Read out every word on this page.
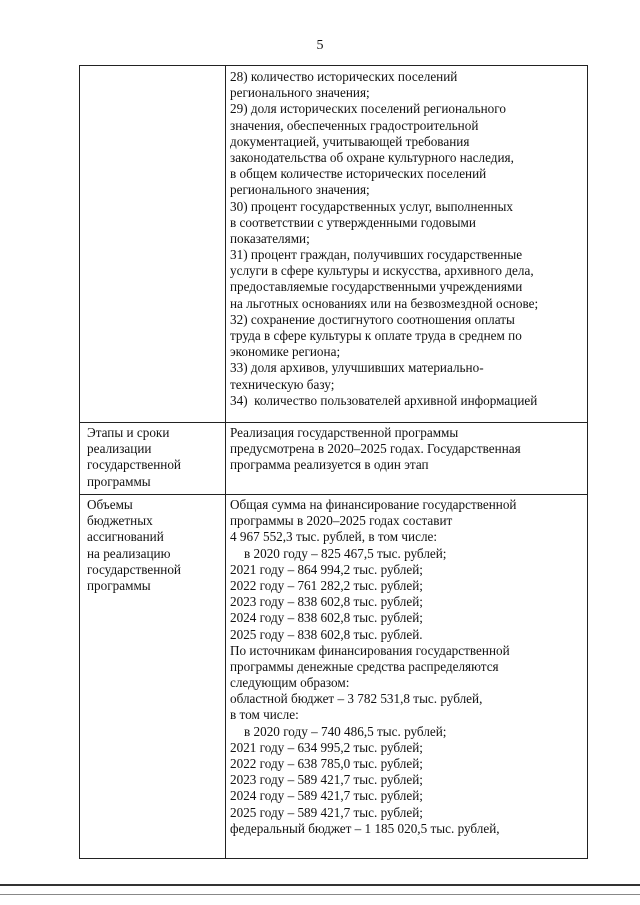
5
28) количество исторических поселений
регионального значения;
29) доля исторических поселений регионального
значения, обеспеченных градостроительной
документацией, учитывающей требования
законодательства об охране культурного наследия,
в общем количестве исторических поселений
регионального значения;
30) процент государственных услуг, выполненных
в соответствии с утвержденными годовыми
показателями;
31) процент граждан, получивших государственные
услуги в сфере культуры и искусства, архивного дела,
предоставляемые государственными учреждениями
на льготных основаниях или на безвозмездной основе;
32) сохранение достигнутого соотношения оплаты
труда в сфере культуры к оплате труда в среднем по
экономике региона;
33) доля архивов, улучшивших материально-
техническую базу;
34)  количество пользователей архивной информацией
Этапы и сроки
реализации
государственной
программы
Реализация государственной программы
предусмотрена в 2020–2025 годах. Государственная
программа реализуется в один этап
Объемы
бюджетных
ассигнований
на реализацию
государственной
программы
Общая сумма на финансирование государственной
программы в 2020–2025 годах составит
4 967 552,3 тыс. рублей, в том числе:
в 2020 году – 825 467,5 тыс. рублей;
2021 году – 864 994,2 тыс. рублей;
2022 году – 761 282,2 тыс. рублей;
2023 году – 838 602,8 тыс. рублей;
2024 году – 838 602,8 тыс. рублей;
2025 году – 838 602,8 тыс. рублей.
По источникам финансирования государственной
программы денежные средства распределяются
следующим образом:
областной бюджет – 3 782 531,8 тыс. рублей,
в том числе:
в 2020 году – 740 486,5 тыс. рублей;
2021 году – 634 995,2 тыс. рублей;
2022 году – 638 785,0 тыс. рублей;
2023 году – 589 421,7 тыс. рублей;
2024 году – 589 421,7 тыс. рублей;
2025 году – 589 421,7 тыс. рублей;
федеральный бюджет – 1 185 020,5 тыс. рублей,
